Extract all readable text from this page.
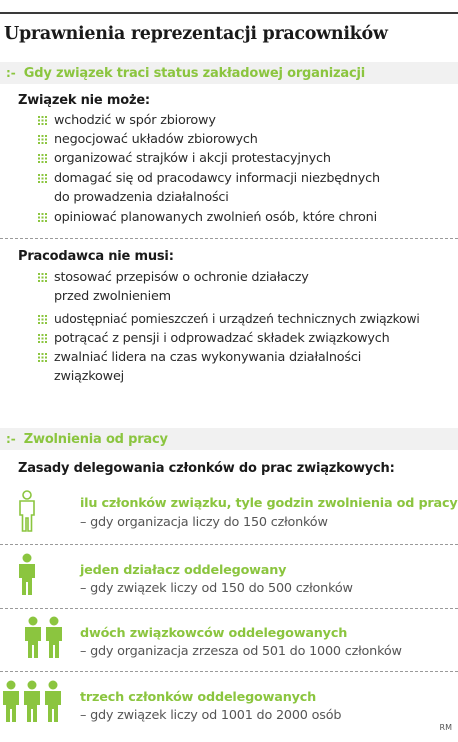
Uprawnienia reprezentacji pracowników
:- Gdy związek traci status zakładowej organizacji
Związek nie może:
wchodzić w spór zbiorowy
negocjować układów zbiorowych
organizować strajków i akcji protestacyjnych
domagać się od pracodawcy informacji niezbędnych
do prowadzenia działalności
opiniować planowanych zwolnień osób, które chroni
Pracodawca nie musi:
stosować przepisów o ochronie działaczy
przed zwolnieniem
udostępniać pomieszczeń i urządzeń technicznych związkowi
potrącać z pensji i odprowadzać składek związkowych
zwalniać lidera na czas wykonywania działalności
związkowej
:- Zwolnienia od pracy
Zasady delegowania członków do prac związkowych:
ilu członków związku, tyle godzin zwolnienia od pracy
– gdy organizacja liczy do 150 członków
jeden działacz oddelegowany
– gdy związek liczy od 150 do 500 członków
dwóch związkowców oddelegowanych
– gdy organizacja zrzesza od 501 do 1000 członków
trzech członków oddelegowanych
– gdy związek liczy od 1001 do 2000 osób
RM
